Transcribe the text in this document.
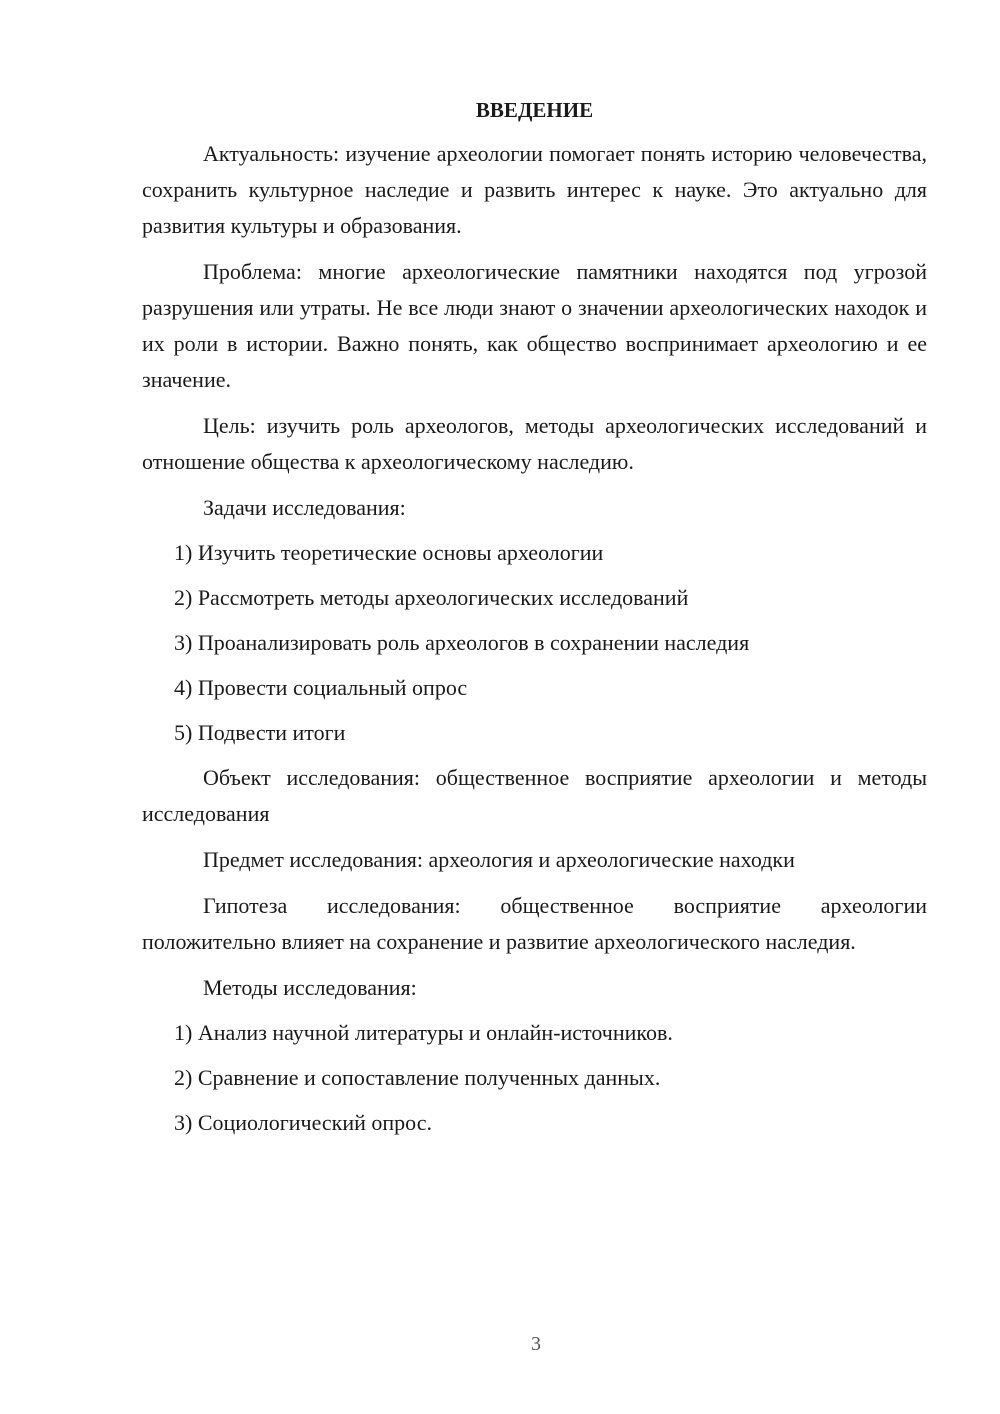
ВВЕДЕНИЕ

Актуальность: изучение археологии помогает понять историю человечества, сохранить культурное наследие и развить интерес к науке. Это актуально для развития культуры и образования.

Проблема: многие археологические памятники находятся под угрозой разрушения или утраты. Не все люди знают о значении археологических находок и их роли в истории. Важно понять, как общество воспринимает археологию и ее значение.

Цель: изучить роль археологов, методы археологических исследований и отношение общества к археологическому наследию.

Задачи исследования:
1) Изучить теоретические основы археологии
2) Рассмотреть методы археологических исследований
3) Проанализировать роль археологов в сохранении наследия
4) Провести социальный опрос
5) Подвести итоги

Объект исследования: общественное восприятие археологии и методы исследования

Предмет исследования: археология и археологические находки

Гипотеза исследования: общественное восприятие археологии положительно влияет на сохранение и развитие археологического наследия.

Методы исследования:
1) Анализ научной литературы и онлайн-источников.
2) Сравнение и сопоставление полученных данных.
3) Социологический опрос.
3
